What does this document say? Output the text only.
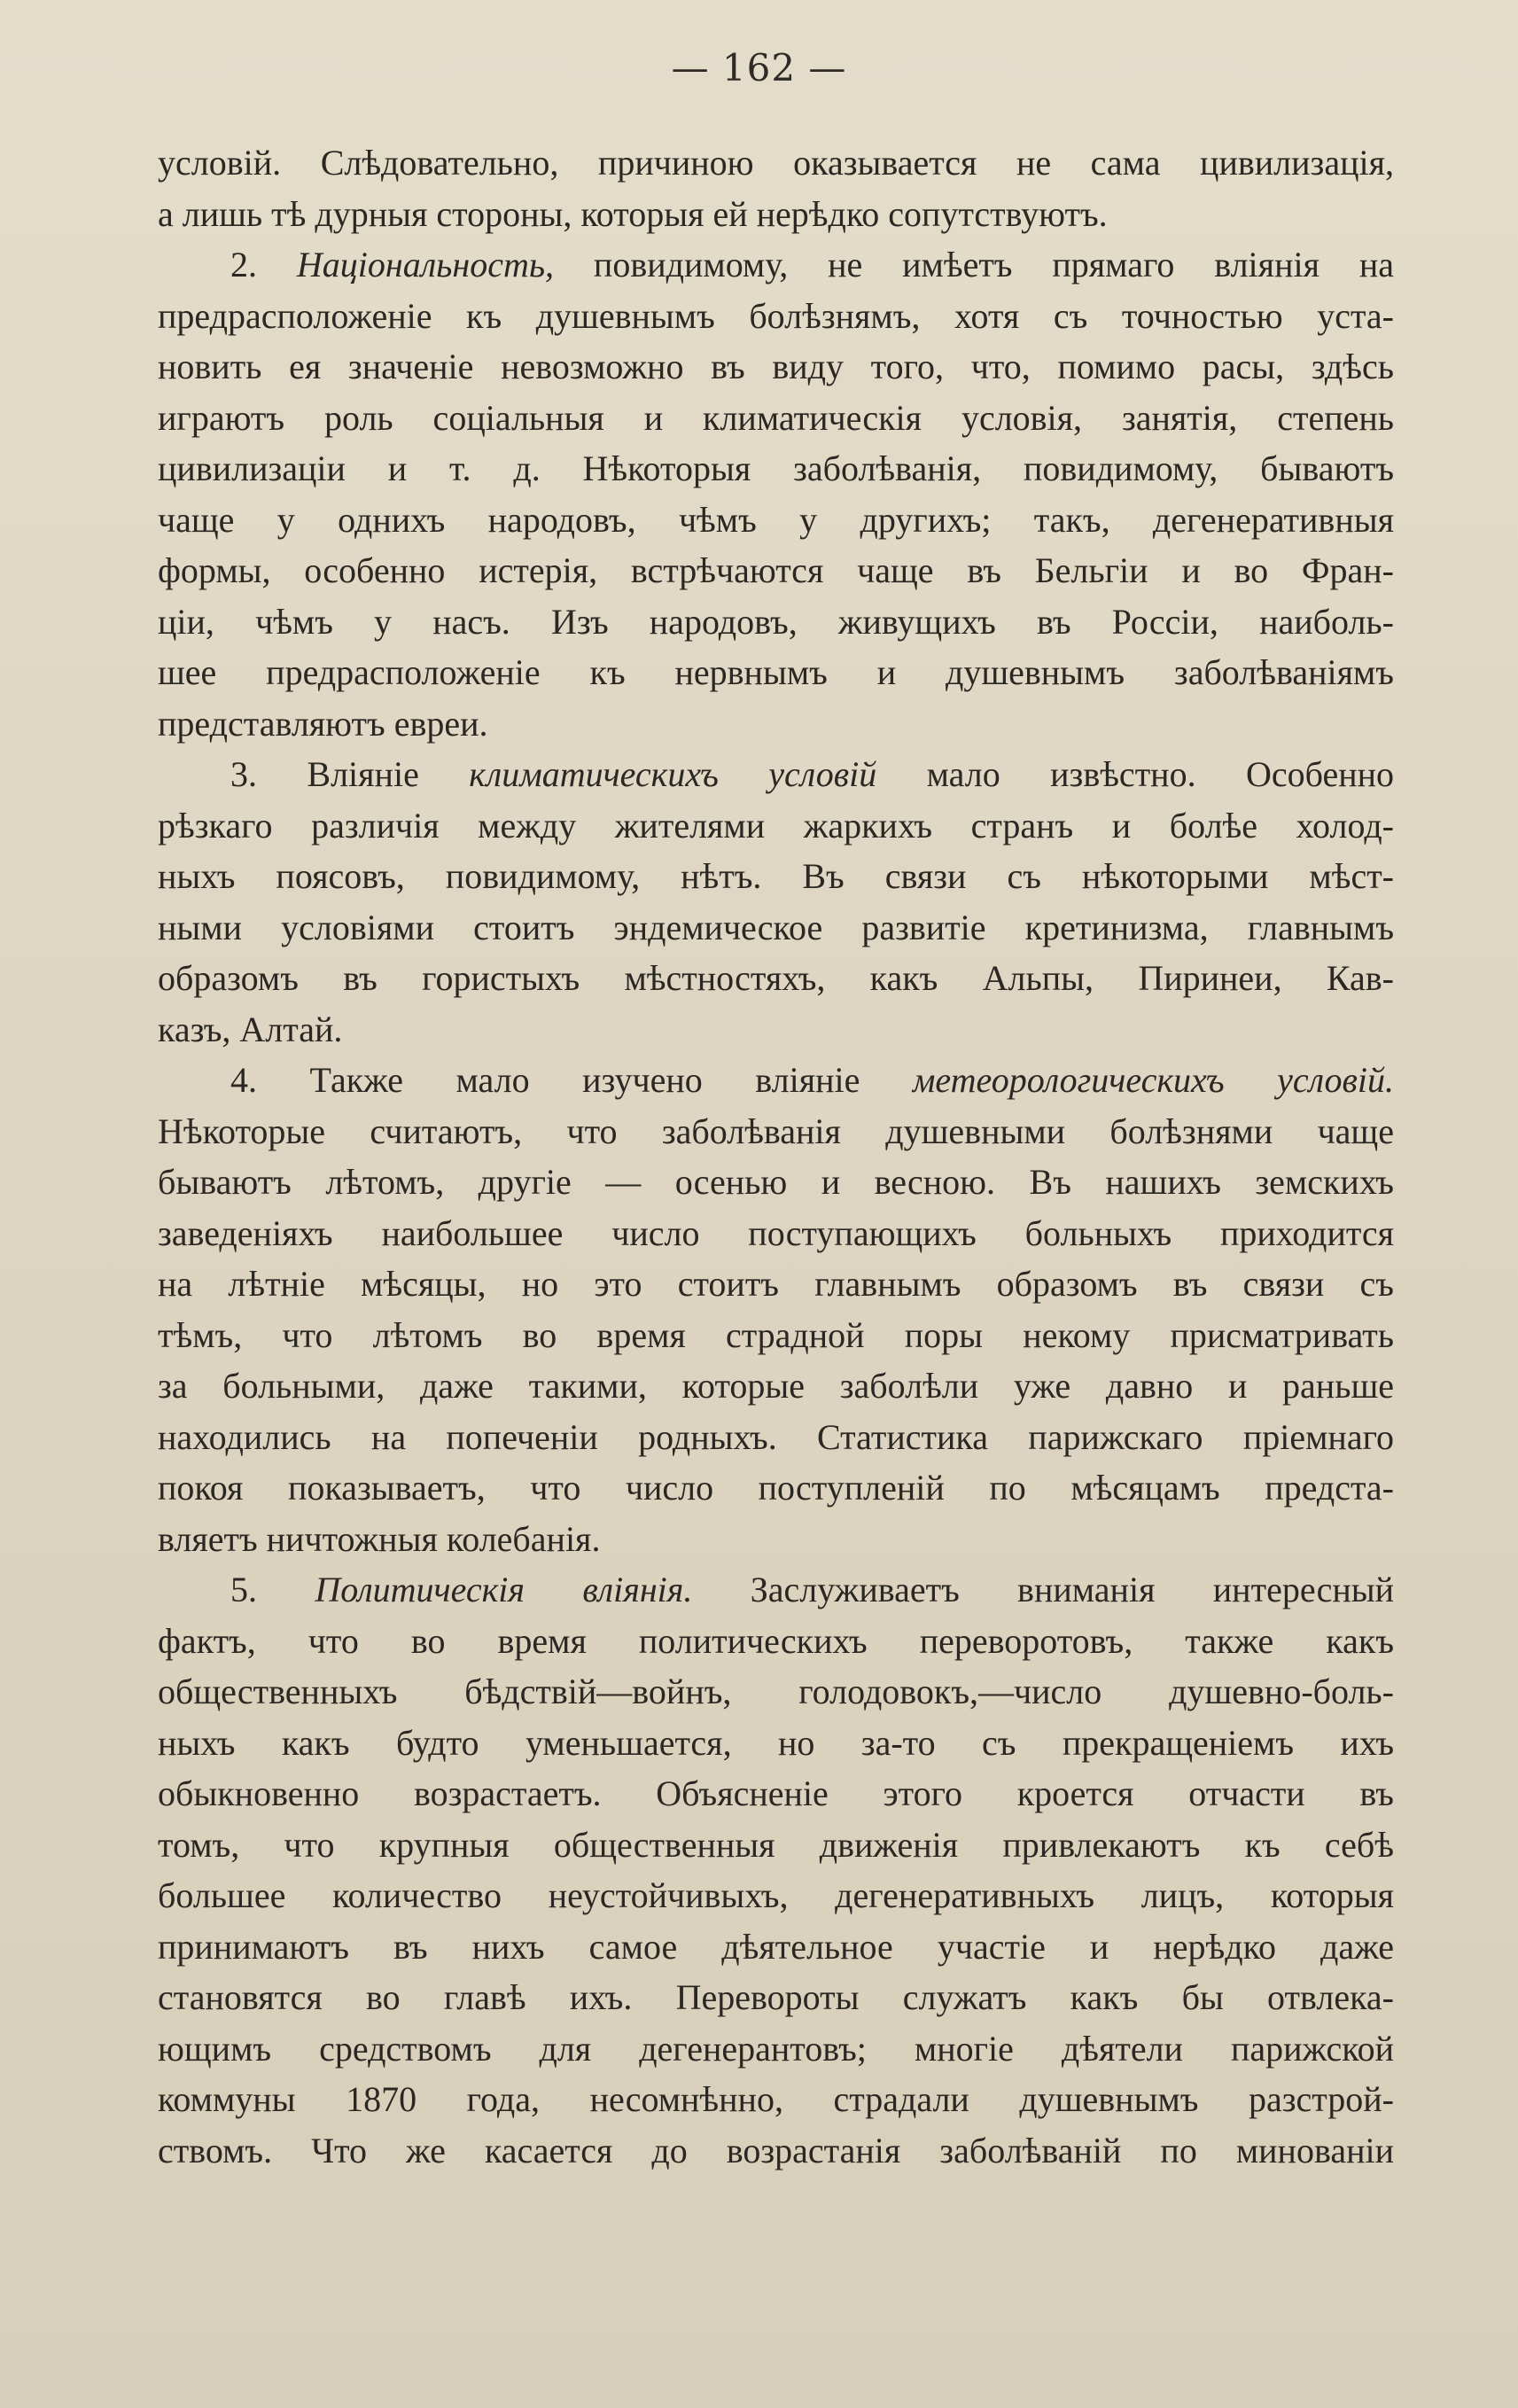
— 162 —
условій. Слѣдовательно, причиною оказывается не сама цивилизація,
а лишь тѣ дурныя стороны, которыя ей нерѣдко сопутствуютъ.
2. Національность, повидимому, не имѣетъ прямаго вліянія на
предрасположеніе къ душевнымъ болѣзнямъ, хотя съ точностью уста-
новить ея значеніе невозможно въ виду того, что, помимо расы, здѣсь
играютъ роль соціальныя и климатическія условія, занятія, степень
цивилизаціи и т. д. Нѣкоторыя заболѣванія, повидимому, бываютъ
чаще у однихъ народовъ, чѣмъ у другихъ; такъ, дегенеративныя
формы, особенно истерія, встрѣчаются чаще въ Бельгіи и во Фран-
ціи, чѣмъ у насъ. Изъ народовъ, живущихъ въ Россіи, наиболь-
шее предрасположеніе къ нервнымъ и душевнымъ заболѣваніямъ
представляютъ евреи.
3. Вліяніе климатическихъ условій мало извѣстно. Особенно
рѣзкаго различія между жителями жаркихъ странъ и болѣе холод-
ныхъ поясовъ, повидимому, нѣтъ. Въ связи съ нѣкоторыми мѣст-
ными условіями стоитъ эндемическое развитіе кретинизма, главнымъ
образомъ въ гористыхъ мѣстностяхъ, какъ Альпы, Пиринеи, Кав-
казъ, Алтай.
4. Также мало изучено вліяніе метеорологическихъ условій.
Нѣкоторые считаютъ, что заболѣванія душевными болѣзнями чаще
бываютъ лѣтомъ, другіе — осенью и весною. Въ нашихъ земскихъ
заведеніяхъ наибольшее число поступающихъ больныхъ приходится
на лѣтніе мѣсяцы, но это стоитъ главнымъ образомъ въ связи съ
тѣмъ, что лѣтомъ во время страдной поры некому присматривать
за больными, даже такими, которые заболѣли уже давно и раньше
находились на попеченіи родныхъ. Статистика парижскаго пріемнаго
покоя показываетъ, что число поступленій по мѣсяцамъ предста-
вляетъ ничтожныя колебанія.
5. Политическія вліянія. Заслуживаетъ вниманія интересный
фактъ, что во время политическихъ переворотовъ, также какъ
общественныхъ бѣдствій—войнъ, голодовокъ,—число душевно-боль-
ныхъ какъ будто уменьшается, но за-то съ прекращеніемъ ихъ
обыкновенно возрастаетъ. Объясненіе этого кроется отчасти въ
томъ, что крупныя общественныя движенія привлекаютъ къ себѣ
большее количество неустойчивыхъ, дегенеративныхъ лицъ, которыя
принимаютъ въ нихъ самое дѣятельное участіе и нерѣдко даже
становятся во главѣ ихъ. Перевороты служатъ какъ бы отвлека-
ющимъ средствомъ для дегенерантовъ; многіе дѣятели парижской
коммуны 1870 года, несомнѣнно, страдали душевнымъ разстрой-
ствомъ. Что же касается до возрастанія заболѣваній по минованіи
